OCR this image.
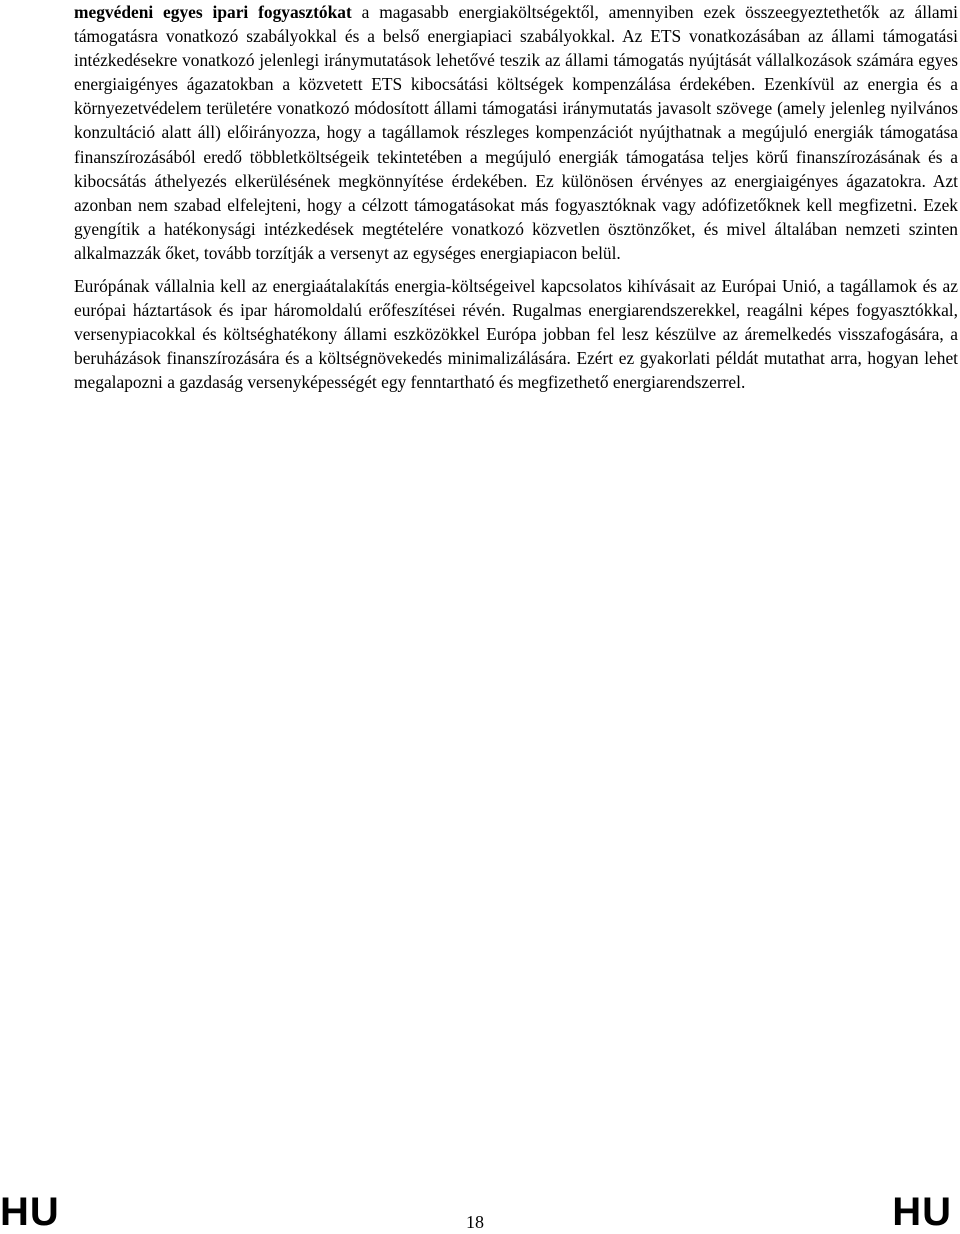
megvédeni egyes ipari fogyasztókat a magasabb energiaköltségektől, amennyiben ezek összeegyeztethetők az állami támogatásra vonatkozó szabályokkal és a belső energiapiaci szabályokkal. Az ETS vonatkozásában az állami támogatási intézkedésekre vonatkozó jelenlegi iránymutatások lehetővé teszik az állami támogatás nyújtását vállalkozások számára egyes energiaigényes ágazatokban a közvetett ETS kibocsátási költségek kompenzálása érdekében. Ezenkívül az energia és a környezetvédelem területére vonatkozó módosított állami támogatási iránymutatás javasolt szövege (amely jelenleg nyilvános konzultáció alatt áll) előirányozza, hogy a tagállamok részleges kompenzációt nyújthatnak a megújuló energiák támogatása finanszírozásából eredő többletköltségeik tekintetében a megújuló energiák támogatása teljes körű finanszírozásának és a kibocsátás áthelyezés elkerülésének megkönnyítése érdekében. Ez különösen érvényes az energiaigényes ágazatokra. Azt azonban nem szabad elfelejteni, hogy a célzott támogatásokat más fogyasztóknak vagy adófizetőknek kell megfizetni. Ezek gyengítik a hatékonysági intézkedések megtételére vonatkozó közvetlen ösztönzőket, és mivel általában nemzeti szinten alkalmazzák őket, tovább torzítják a versenyt az egységes energiapiacon belül.

Európának vállalnia kell az energiaátalakítás energia-költségeivel kapcsolatos kihívásait az Európai Unió, a tagállamok és az európai háztartások és ipar háromoldalú erőfeszítései révén. Rugalmas energiarendszerekkel, reagálni képes fogyasztókkal, versenypiacokkal és költséghatékony állami eszközökkel Európa jobban fel lesz készülve az áremelkedés visszafogására, a beruházások finanszírozására és a költségnövekedés minimalizálására. Ezért ez gyakorlati példát mutathat arra, hogyan lehet megalapozni a gazdaság versenyképességét egy fenntartható és megfizethető energiarendszerrel.

HU	18	HU
